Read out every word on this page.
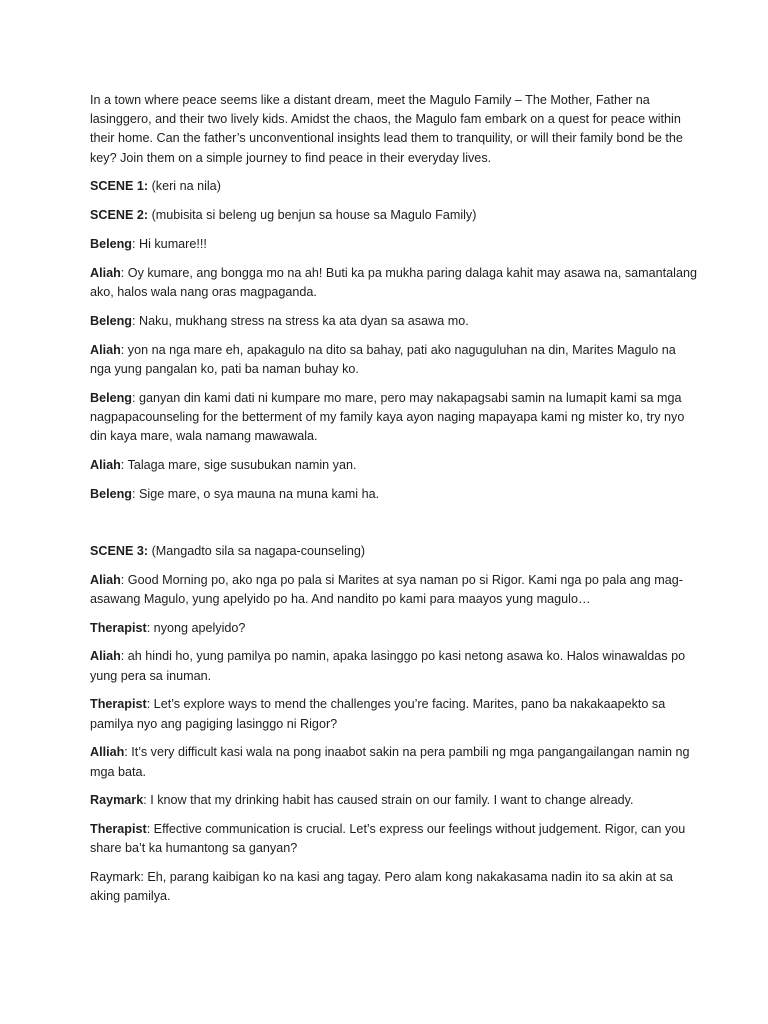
In a town where peace seems like a distant dream, meet the Magulo Family – The Mother, Father na lasinggero, and their two lively kids. Amidst the chaos, the Magulo fam embark on a quest for peace within their home. Can the father’s unconventional insights lead them to tranquility, or will their family bond be the key? Join them on a simple journey to find peace in their everyday lives.

SCENE 1: (keri na nila)

SCENE 2: (mubisita si beleng ug benjun sa house sa Magulo Family)

Beleng: Hi kumare!!!

Aliah: Oy kumare, ang bongga mo na ah! Buti ka pa mukha paring dalaga kahit may asawa na, samantalang ako, halos wala nang oras magpaganda.

Beleng: Naku, mukhang stress na stress ka ata dyan sa asawa mo.

Aliah: yon na nga mare eh, apakagulo na dito sa bahay, pati ako naguguluhan na din, Marites Magulo na nga yung pangalan ko, pati ba naman buhay ko.

Beleng: ganyan din kami dati ni kumpare mo mare, pero may nakapagsabi samin na lumapit kami sa mga nagpapacounseling for the betterment of my family kaya ayon naging mapayapa kami ng mister ko, try nyo din kaya mare, wala namang mawawala.

Aliah: Talaga mare, sige susubukan namin yan.

Beleng: Sige mare, o sya mauna na muna kami ha.

SCENE 3: (Mangadto sila sa nagapa-counseling)

Aliah: Good Morning po, ako nga po pala si Marites at sya naman po si Rigor. Kami nga po pala ang mag-asawang Magulo, yung apelyido po ha. And nandito po kami para maayos yung magulo…

Therapist: nyong apelyido?

Aliah: ah hindi ho, yung pamilya po namin, apaka lasinggo po kasi netong asawa ko. Halos winawaldas po yung pera sa inuman.

Therapist: Let’s explore ways to mend the challenges you’re facing. Marites, pano ba nakakaapekto sa pamilya nyo ang pagiging lasinggo ni Rigor?

Alliah: It’s very difficult kasi wala na pong inaabot sakin na pera pambili ng mga pangangailangan namin ng mga bata.

Raymark: I know that my drinking habit has caused strain on our family. I want to change already.

Therapist: Effective communication is crucial. Let’s express our feelings without judgement. Rigor, can you share ba’t ka humantong sa ganyan?

Raymark: Eh, parang kaibigan ko na kasi ang tagay. Pero alam kong nakakasama nadin ito sa akin at sa aking pamilya.
